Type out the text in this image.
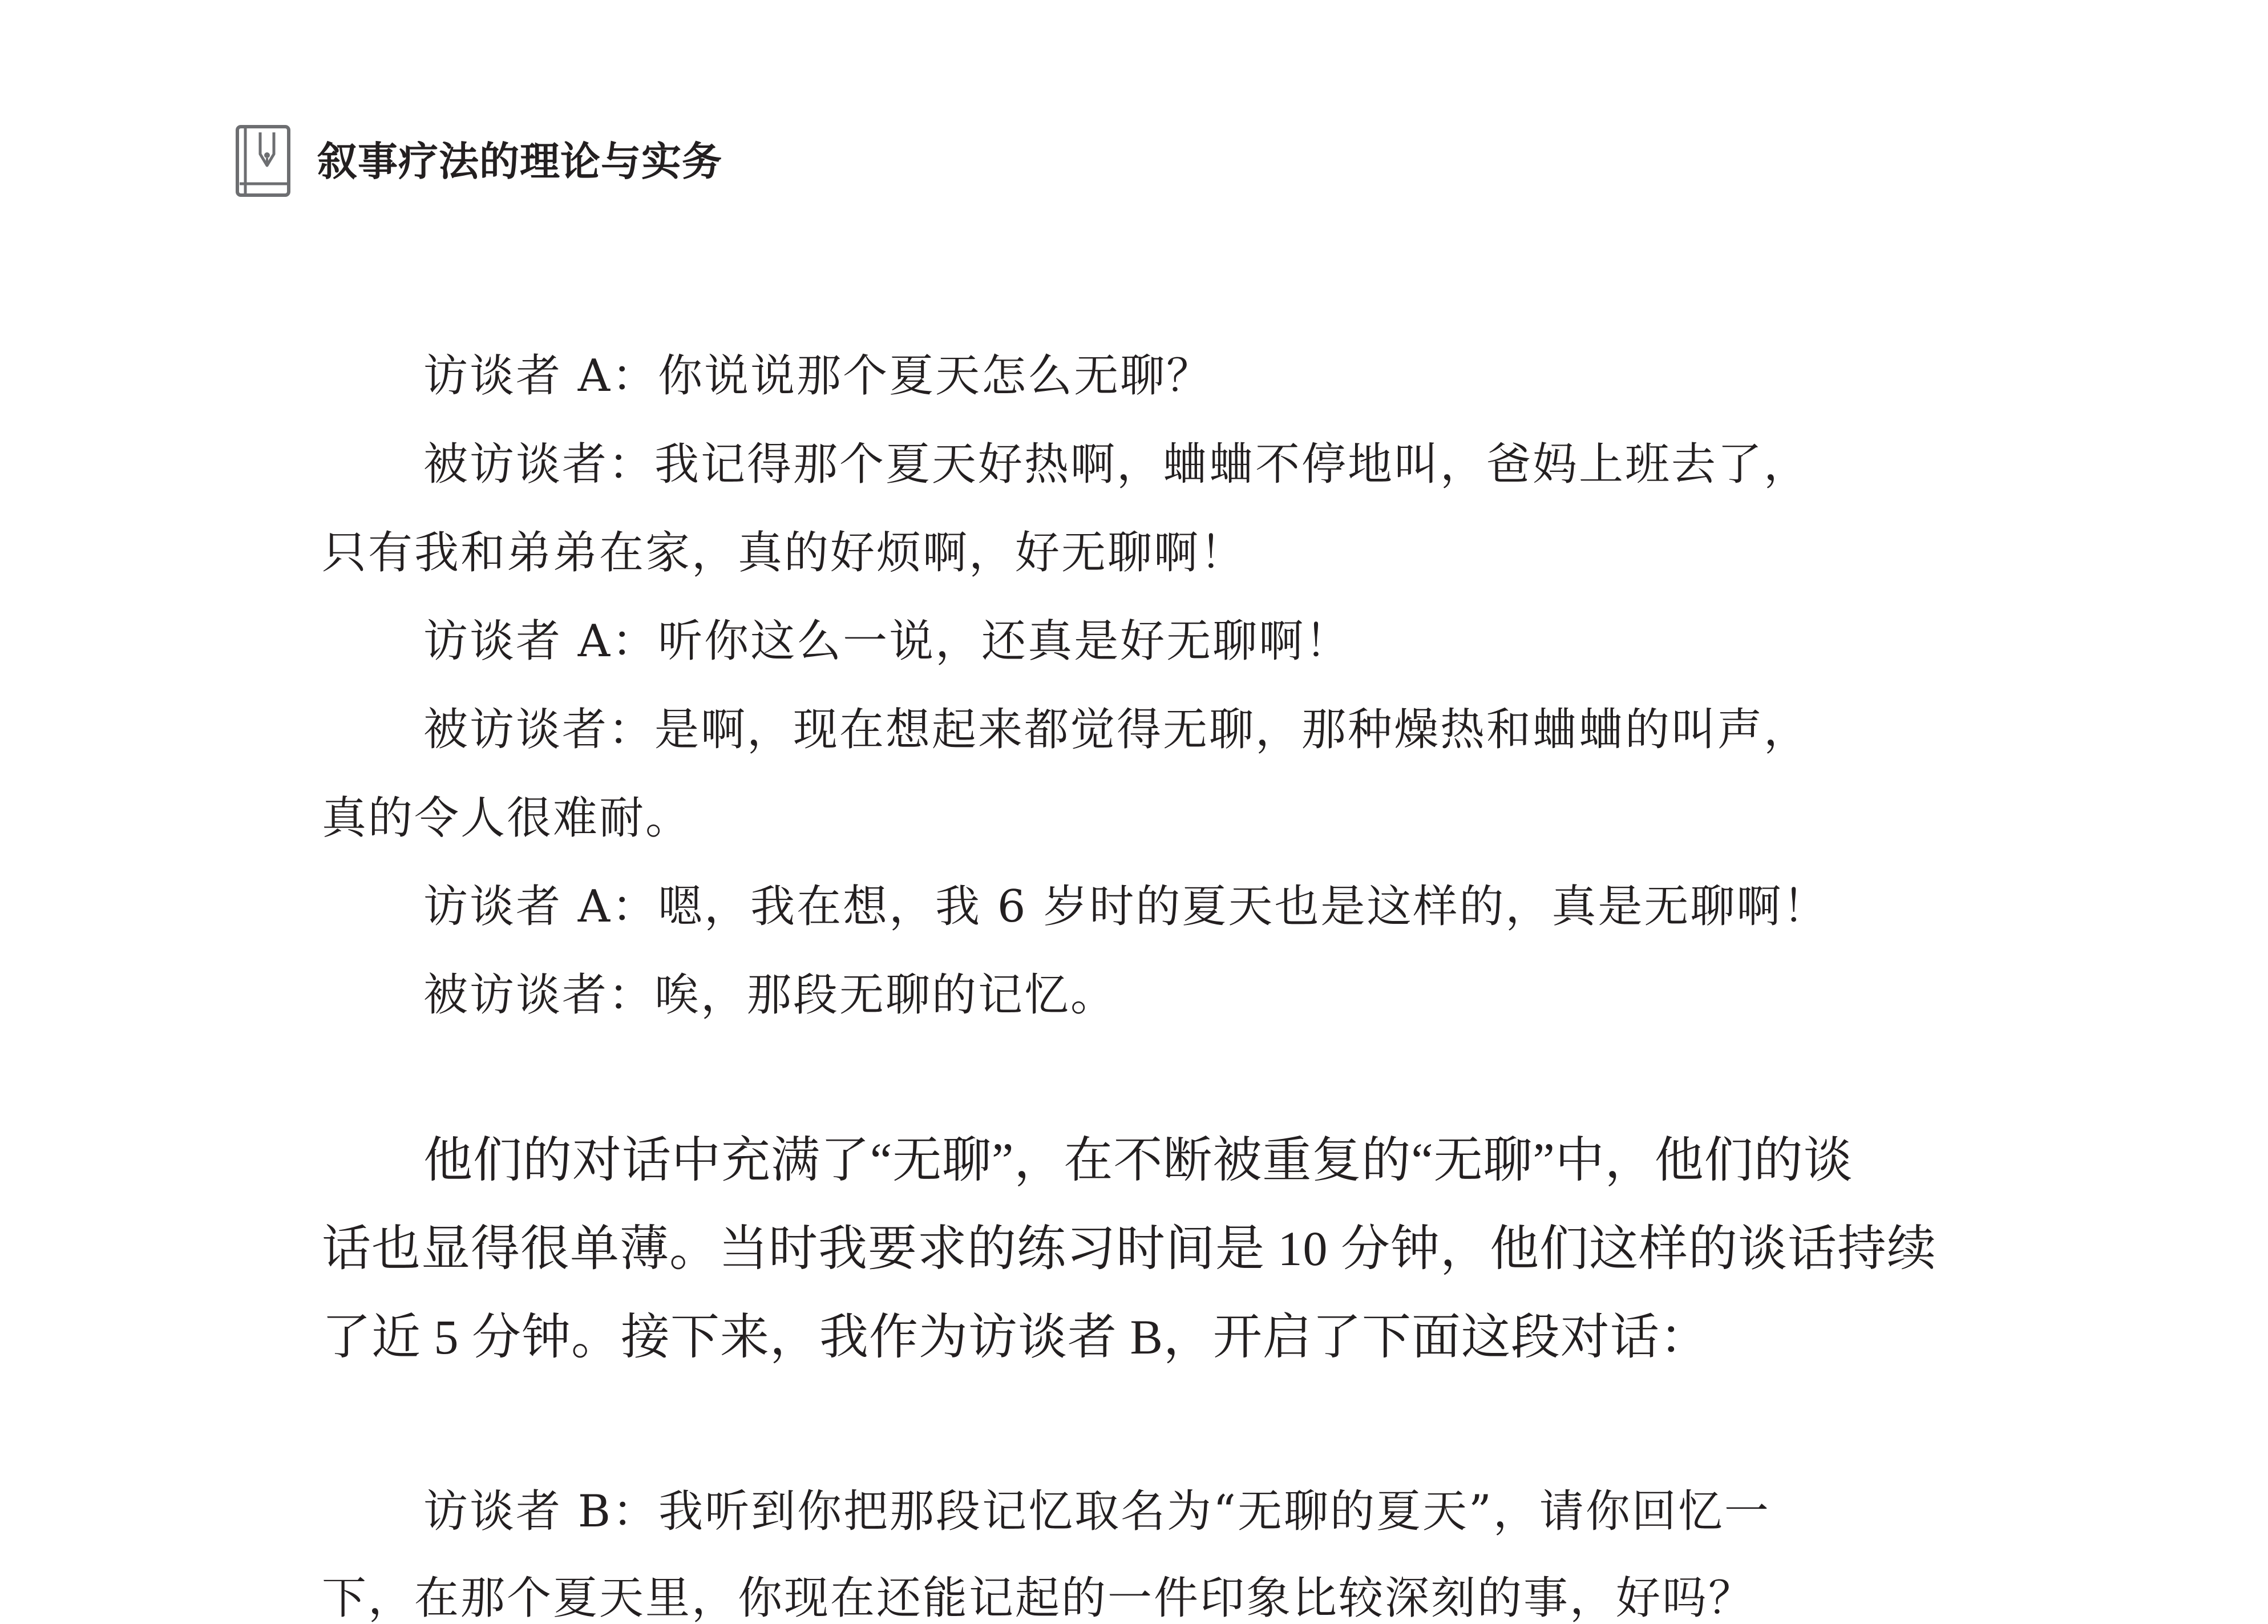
叙事疗法的理论与实务
访谈者 A：你说说那个夏天怎么无聊？
被访谈者：我记得那个夏天好热啊，蛐蛐不停地叫，爸妈上班去了，
只有我和弟弟在家，真的好烦啊，好无聊啊！
访谈者 A：听你这么一说，还真是好无聊啊！
被访谈者：是啊，现在想起来都觉得无聊，那种燥热和蛐蛐的叫声，
真的令人很难耐。
访谈者 A：嗯，我在想，我 6 岁时的夏天也是这样的，真是无聊啊！
被访谈者：唉，那段无聊的记忆。
他们的对话中充满了“无聊”，在不断被重复的“无聊”中，他们的谈
话也显得很单薄。当时我要求的练习时间是 10 分钟，他们这样的谈话持续
了近 5 分钟。接下来，我作为访谈者 B，开启了下面这段对话：
访谈者 B：我听到你把那段记忆取名为“无聊的夏天”，请你回忆一
下，在那个夏天里，你现在还能记起的一件印象比较深刻的事，好吗？
